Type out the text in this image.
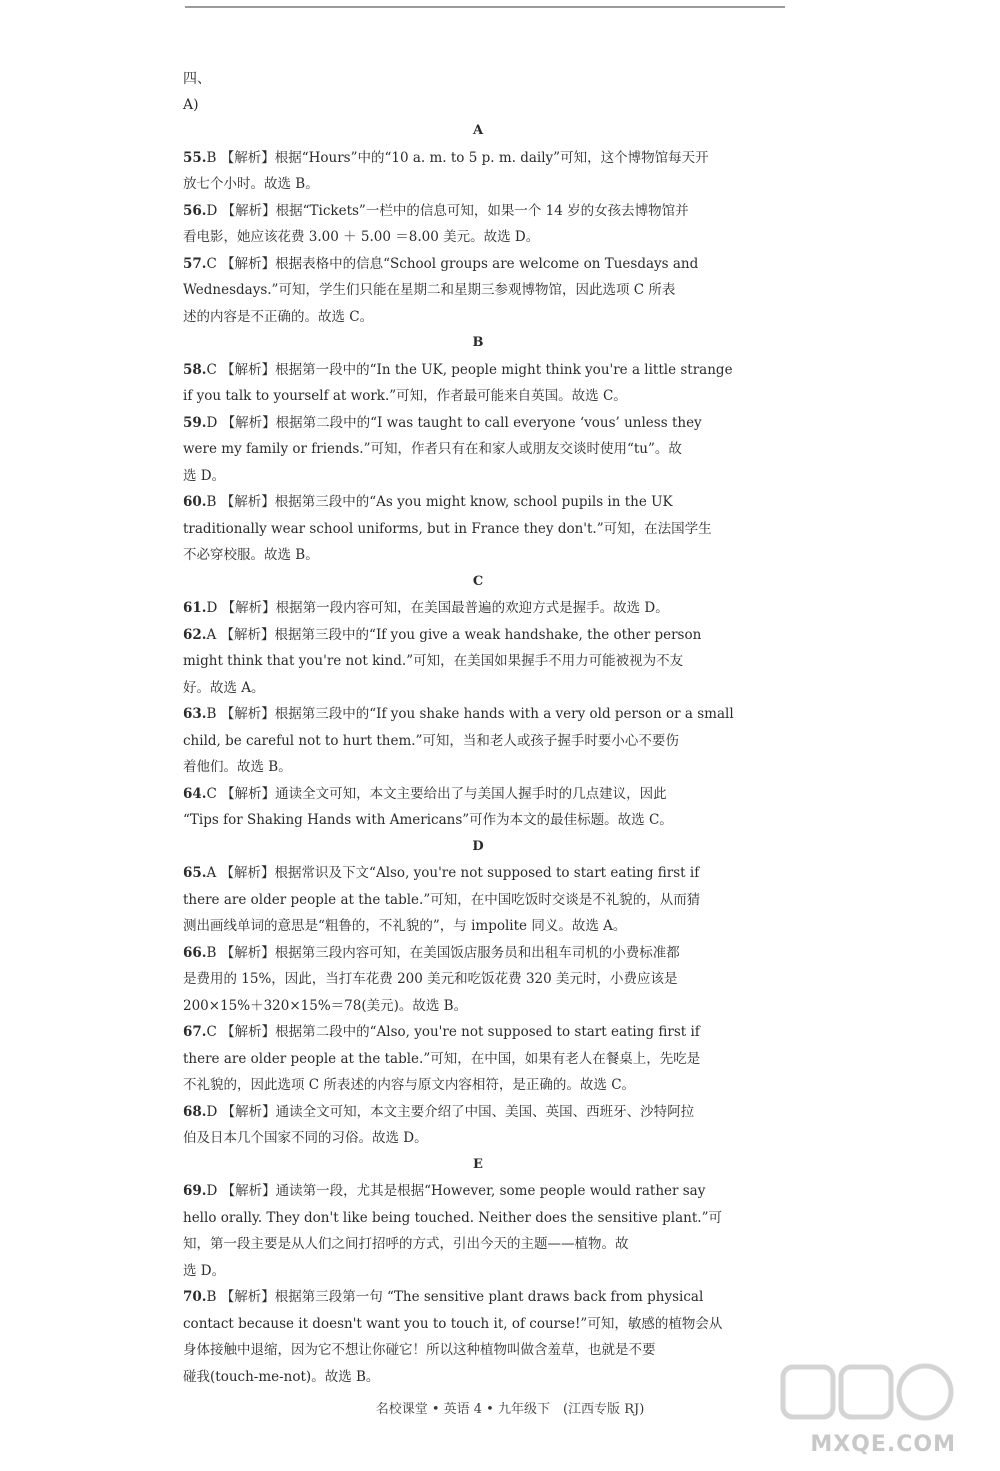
四、
A)
A
55.B 【解析】根据“Hours”中的“10 a. m. to 5 p. m. daily”可知，这个博物馆每天开
放七个小时。故选 B。
56.D 【解析】根据“Tickets”一栏中的信息可知，如果一个 14 岁的女孩去博物馆并
看电影，她应该花费 3.00 ＋ 5.00 ＝8.00 美元。故选 D。
57.C 【解析】根据表格中的信息“School groups are welcome on Tuesdays and
Wednesdays.”可知，学生们只能在星期二和星期三参观博物馆，因此选项 C 所表
述的内容是不正确的。故选 C。
B
58.C 【解析】根据第一段中的“In the UK, people might think you're a little strange
if you talk to yourself at work.”可知，作者最可能来自英国。故选 C。
59.D 【解析】根据第二段中的“I was taught to call everyone ‘vous’ unless they
were my family or friends.”可知，作者只有在和家人或朋友交谈时使用“tu”。故
选 D。
60.B 【解析】根据第三段中的“As you might know, school pupils in the UK
traditionally wear school uniforms, but in France they don't.”可知，在法国学生
不必穿校服。故选 B。
C
61.D 【解析】根据第一段内容可知，在美国最普遍的欢迎方式是握手。故选 D。
62.A 【解析】根据第三段中的“If you give a weak handshake, the other person
might think that you're not kind.”可知，在美国如果握手不用力可能被视为不友
好。故选 A。
63.B 【解析】根据第三段中的“If you shake hands with a very old person or a small
child, be careful not to hurt them.”可知，当和老人或孩子握手时要小心不要伤
着他们。故选 B。
64.C 【解析】通读全文可知，本文主要给出了与美国人握手时的几点建议，因此
“Tips for Shaking Hands with Americans”可作为本文的最佳标题。故选 C。
D
65.A 【解析】根据常识及下文“Also, you're not supposed to start eating first if
there are older people at the table.”可知，在中国吃饭时交谈是不礼貌的，从而猜
测出画线单词的意思是“粗鲁的，不礼貌的”，与 impolite 同义。故选 A。
66.B 【解析】根据第三段内容可知，在美国饭店服务员和出租车司机的小费标准都
是费用的 15%，因此，当打车花费 200 美元和吃饭花费 320 美元时，小费应该是
200×15%＋320×15%＝78(美元)。故选 B。
67.C 【解析】根据第二段中的“Also, you're not supposed to start eating first if
there are older people at the table.”可知，在中国，如果有老人在餐桌上，先吃是
不礼貌的，因此选项 C 所表述的内容与原文内容相符，是正确的。故选 C。
68.D 【解析】通读全文可知，本文主要介绍了中国、美国、英国、西班牙、沙特阿拉
伯及日本几个国家不同的习俗。故选 D。
E
69.D 【解析】通读第一段，尤其是根据“However, some people would rather say
hello orally. They don't like being touched. Neither does the sensitive plant.”可
知，第一段主要是从人们之间打招呼的方式，引出今天的主题——植物。故
选 D。
70.B 【解析】根据第三段第一句 “The sensitive plant draws back from physical
contact because it doesn't want you to touch it, of course!”可知，敏感的植物会从
身体接触中退缩，因为它不想让你碰它！所以这种植物叫做含羞草，也就是不要
碰我(touch-me-not)。故选 B。
名校课堂 • 英语 4 • 九年级下　(江西专版 RJ)
MXQE.COM
